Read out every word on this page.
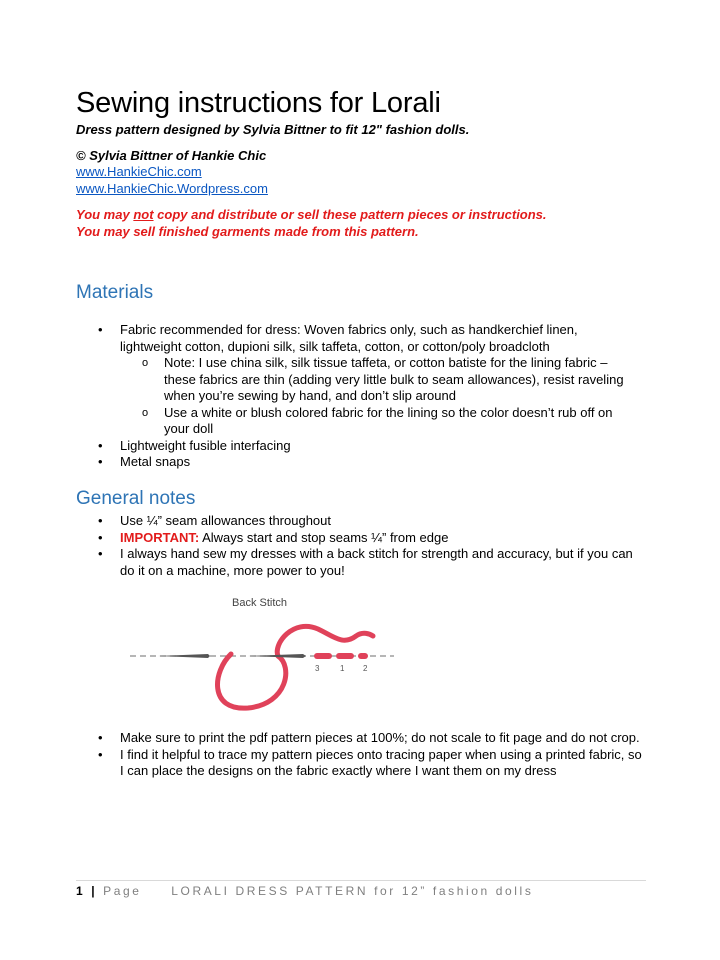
Sewing instructions for Lorali
Dress pattern designed by Sylvia Bittner to fit 12" fashion dolls.
© Sylvia Bittner of Hankie Chic
www.HankieChic.com
www.HankieChic.Wordpress.com
You may not copy and distribute or sell these pattern pieces or instructions.
You may sell finished garments made from this pattern.
Materials
• Fabric recommended for dress: Woven fabrics only, such as handkerchief linen, lightweight cotton, dupioni silk, silk taffeta, cotton, or cotton/poly broadcloth
o Note: I use china silk, silk tissue taffeta, or cotton batiste for the lining fabric – these fabrics are thin (adding very little bulk to seam allowances), resist raveling when you’re sewing by hand, and don’t slip around
o Use a white or blush colored fabric for the lining so the color doesn’t rub off on your doll
• Lightweight fusible interfacing
• Metal snaps
General notes
• Use ¼” seam allowances throughout
• IMPORTANT: Always start and stop seams ¼” from edge
• I always hand sew my dresses with a back stitch for strength and accuracy, but if you can do it on a machine, more power to you!
Back Stitch
3	1 2
• Make sure to print the pdf pattern pieces at 100%; do not scale to fit page and do not crop.
• I find it helpful to trace my pattern pieces onto tracing paper when using a printed fabric, so I can place the designs on the fabric exactly where I want them on my dress
1 | Page LORALI DRESS PATTERN for 12” fashion dolls
